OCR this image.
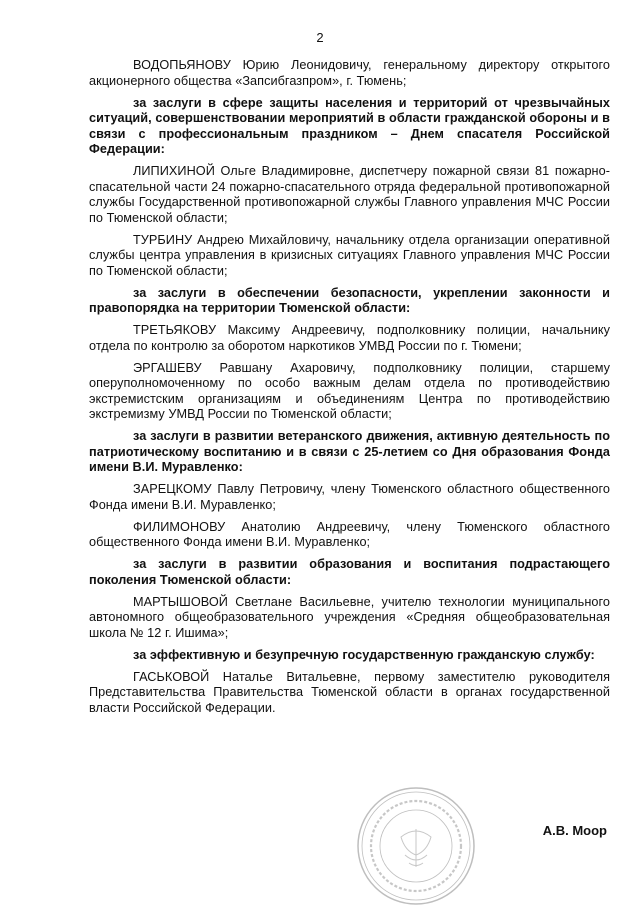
2

ВОДОПЬЯНОВУ Юрию Леонидовичу, генеральному директору открытого акционерного общества «Запсибгазпром», г. Тюмень;

за заслуги в сфере защиты населения и территорий от чрезвычайных ситуаций, совершенствовании мероприятий в области гражданской обороны и в связи с профессиональным праздником – Днем спасателя Российской Федерации:

ЛИПИХИНОЙ Ольге Владимировне, диспетчеру пожарной связи 81 пожарно-спасательной части 24 пожарно-спасательного отряда федеральной противопожарной службы Государственной противопожарной службы Главного управления МЧС России по Тюменской области;

ТУРБИНУ Андрею Михайловичу, начальнику отдела организации оперативной службы центра управления в кризисных ситуациях Главного управления МЧС России по Тюменской области;

за заслуги в обеспечении безопасности, укреплении законности и правопорядка на территории Тюменской области:

ТРЕТЬЯКОВУ Максиму Андреевичу, подполковнику полиции, начальнику отдела по контролю за оборотом наркотиков УМВД России по г. Тюмени;

ЭРГАШЕВУ Равшану Ахаровичу, подполковнику полиции, старшему оперуполномоченному по особо важным делам отдела по противодействию экстремистским организациям и объединениям Центра по противодействию экстремизму УМВД России по Тюменской области;

за заслуги в развитии ветеранского движения, активную деятельность по патриотическому воспитанию и в связи с 25-летием со Дня образования Фонда имени В.И. Муравленко:

ЗАРЕЦКОМУ Павлу Петровичу, члену Тюменского областного общественного Фонда имени В.И. Муравленко;

ФИЛИМОНОВУ Анатолию Андреевичу, члену Тюменского областного общественного Фонда имени В.И. Муравленко;

за заслуги в развитии образования и воспитания подрастающего поколения Тюменской области:

МАРТЫШОВОЙ Светлане Васильевне, учителю технологии муниципального автономного общеобразовательного учреждения «Средняя общеобразовательная школа № 12 г. Ишима»;

за эффективную и безупречную государственную гражданскую службу:

ГАСЬКОВОЙ Наталье Витальевне, первому заместителю руководителя Представительства Правительства Тюменской области в органах государственной власти Российской Федерации.

А.В. Моор
